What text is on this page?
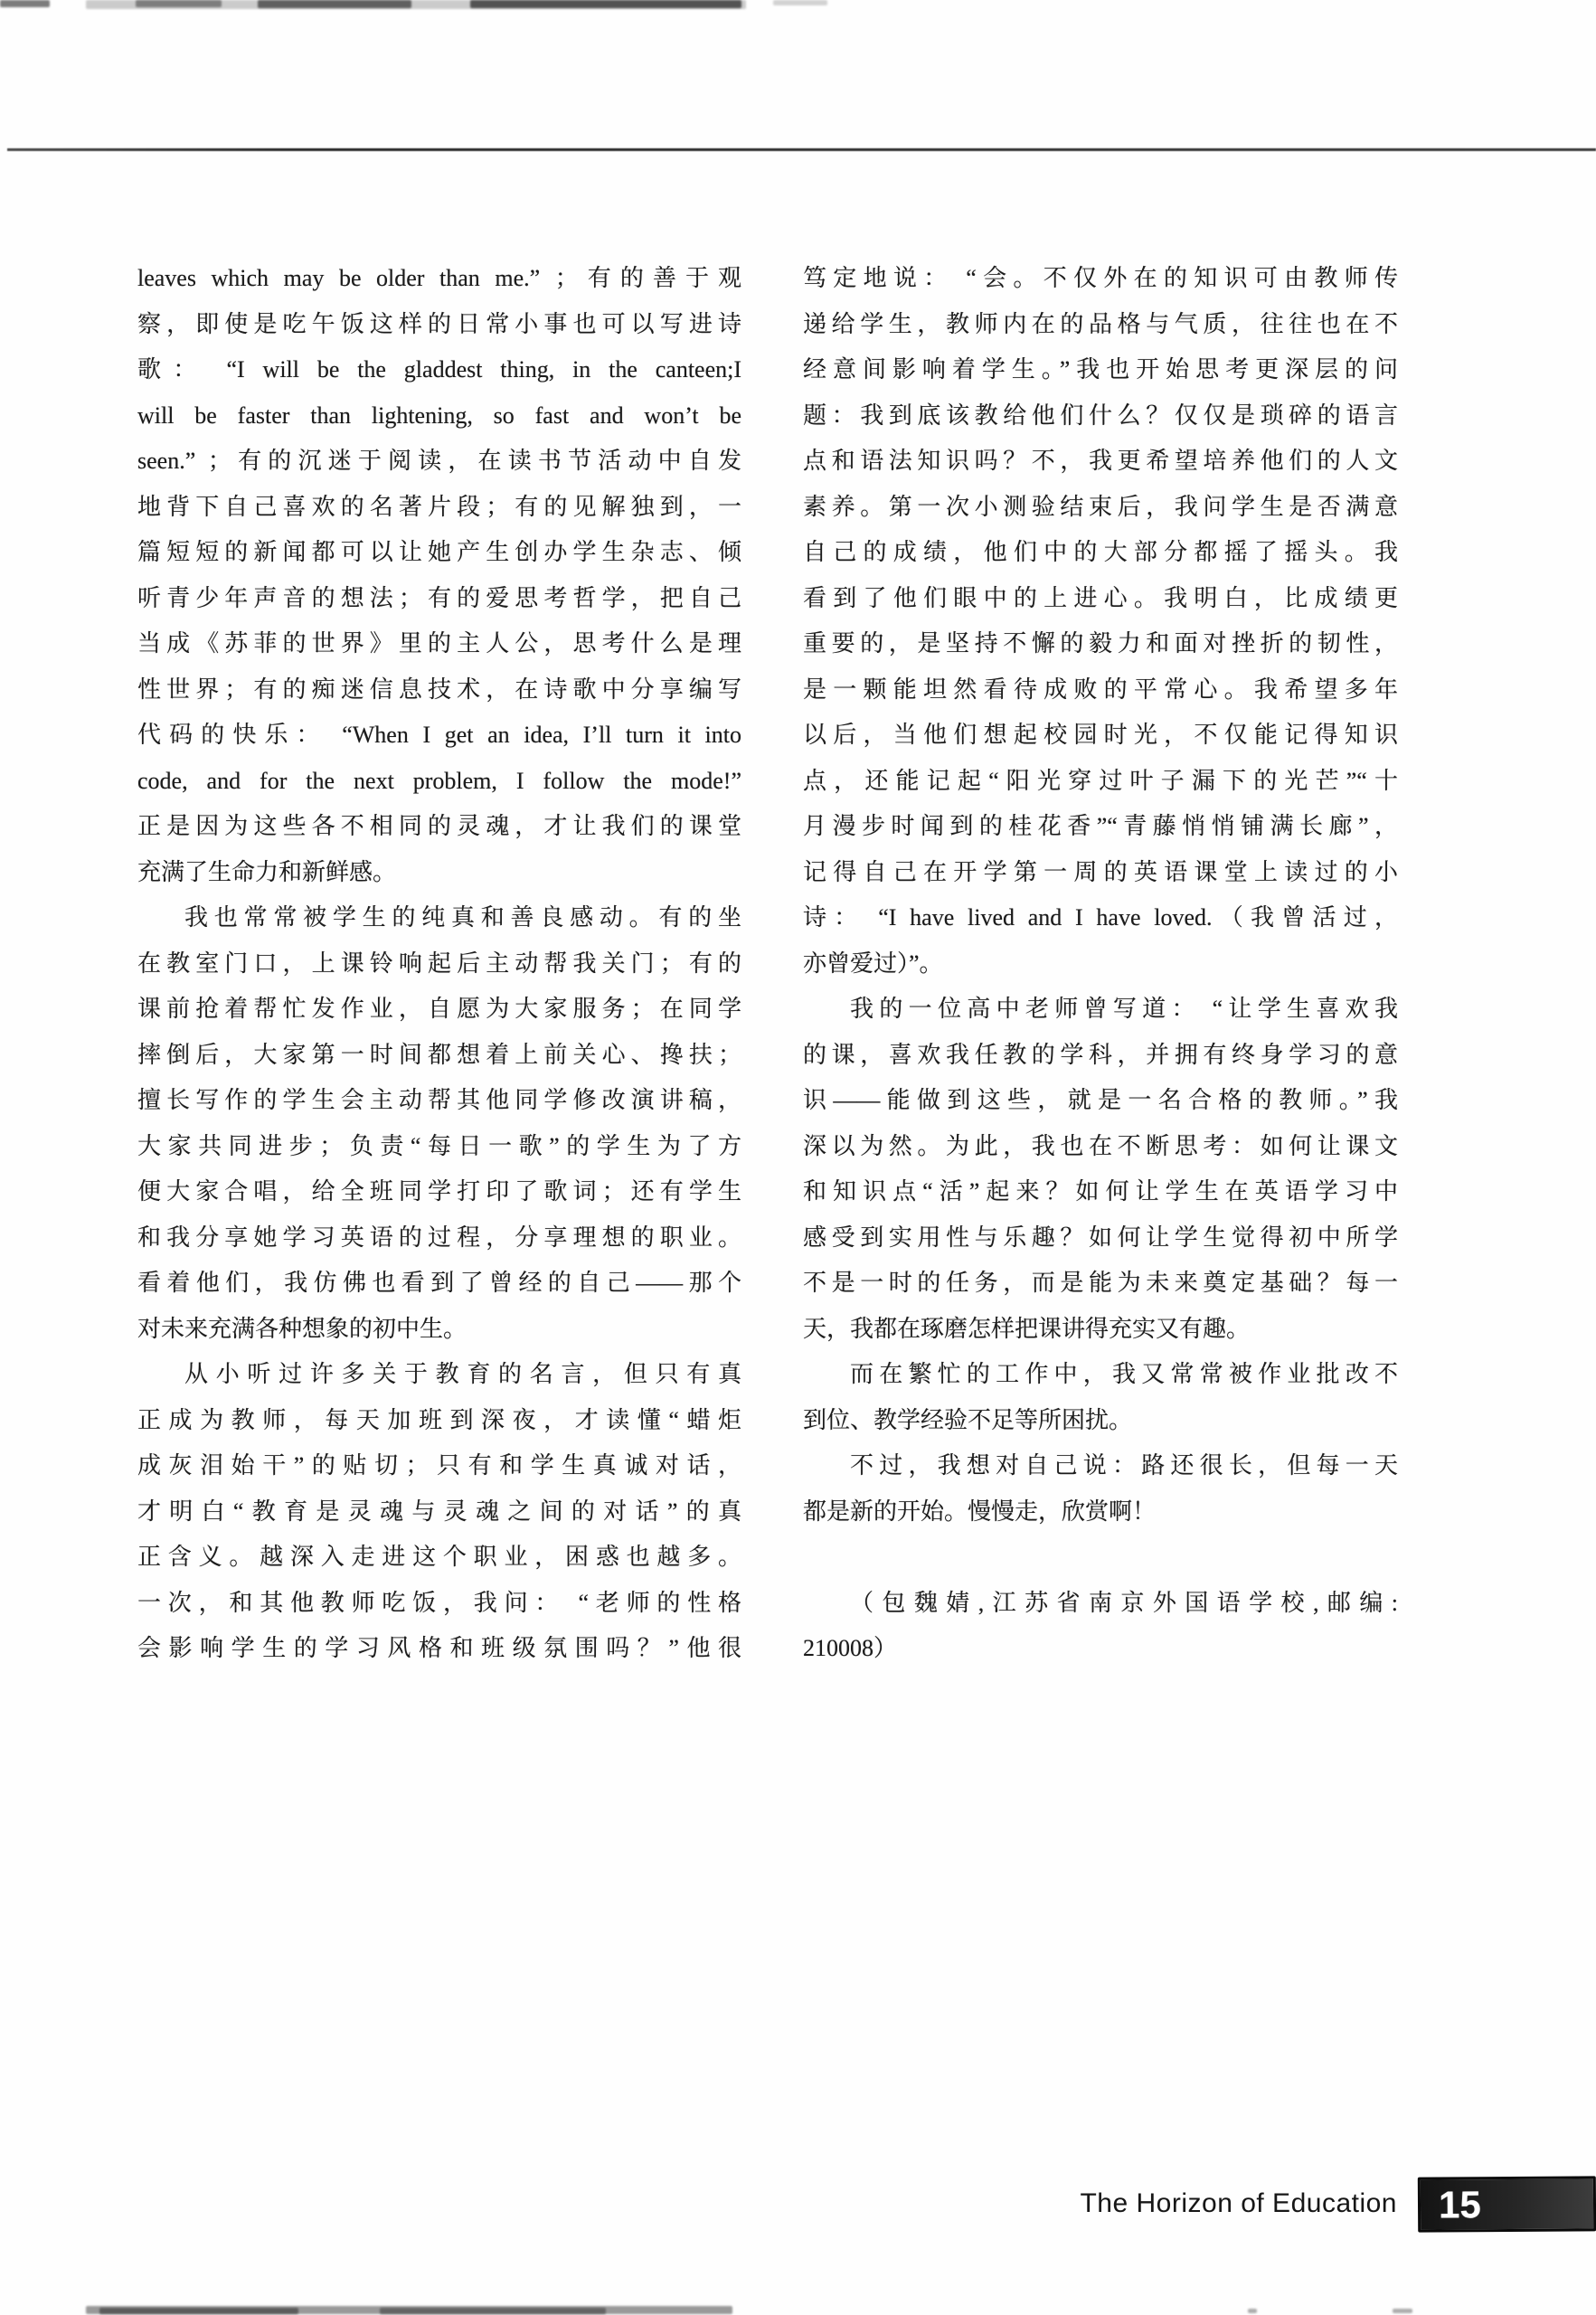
leaves which may be older than me.” ；有的善于观
察，即使是吃午饭这样的日常小事也可以写进诗
歌： “I will be the gladdest thing, in the canteen;I
will be faster than lightening, so fast and won’t be
seen.” ；有的沉迷于阅读，在读书节活动中自发
地背下自己喜欢的名著片段；有的见解独到，一
篇短短的新闻都可以让她产生创办学生杂志、倾
听青少年声音的想法；有的爱思考哲学，把自己
当成《苏菲的世界》里的主人公，思考什么是理
性世界；有的痴迷信息技术，在诗歌中分享编写
代码的快乐： “When I get an idea, I’ll turn it into
code, and for the next problem, I follow the mode!”
正是因为这些各不相同的灵魂，才让我们的课堂
充满了生命力和新鲜感。
我也常常被学生的纯真和善良感动。有的坐
在教室门口，上课铃响起后主动帮我关门；有的
课前抢着帮忙发作业，自愿为大家服务；在同学
摔倒后，大家第一时间都想着上前关心、搀扶；
擅长写作的学生会主动帮其他同学修改演讲稿，
大家共同进步；负责“每日一歌”的学生为了方
便大家合唱，给全班同学打印了歌词；还有学生
和我分享她学习英语的过程，分享理想的职业。
看着他们，我仿佛也看到了曾经的自己——那个
对未来充满各种想象的初中生。
从小听过许多关于教育的名言，但只有真
正成为教师，每天加班到深夜，才读懂“蜡炬
成灰泪始干”的贴切；只有和学生真诚对话，
才明白“教育是灵魂与灵魂之间的对话”的真
正含义。越深入走进这个职业，困惑也越多。
一次，和其他教师吃饭，我问： “老师的性格
会影响学生的学习风格和班级氛围吗？”他很
笃定地说： “会。不仅外在的知识可由教师传
递给学生，教师内在的品格与气质，往往也在不
经意间影响着学生。”我也开始思考更深层的问
题：我到底该教给他们什么？仅仅是琐碎的语言
点和语法知识吗？不，我更希望培养他们的人文
素养。第一次小测验结束后，我问学生是否满意
自己的成绩，他们中的大部分都摇了摇头。我
看到了他们眼中的上进心。我明白，比成绩更
重要的，是坚持不懈的毅力和面对挫折的韧性，
是一颗能坦然看待成败的平常心。我希望多年
以后，当他们想起校园时光，不仅能记得知识
点，还能记起“阳光穿过叶子漏下的光芒”“十
月漫步时闻到的桂花香”“青藤悄悄铺满长廊”，
记得自己在开学第一周的英语课堂上读过的小
诗： “I have lived and I have loved.（我曾活过，
亦曾爱过）”。
我的一位高中老师曾写道： “让学生喜欢我
的课，喜欢我任教的学科，并拥有终身学习的意
识——能做到这些，就是一名合格的教师。”我
深以为然。为此，我也在不断思考：如何让课文
和知识点“活”起来？如何让学生在英语学习中
感受到实用性与乐趣？如何让学生觉得初中所学
不是一时的任务，而是能为未来奠定基础？每一
天，我都在琢磨怎样把课讲得充实又有趣。
而在繁忙的工作中，我又常常被作业批改不
到位、教学经验不足等所困扰。
不过，我想对自己说：路还很长，但每一天
都是新的开始。慢慢走，欣赏啊！
（包魏婧,江苏省南京外国语学校,邮编:
210008）
The Horizon of Education	15
